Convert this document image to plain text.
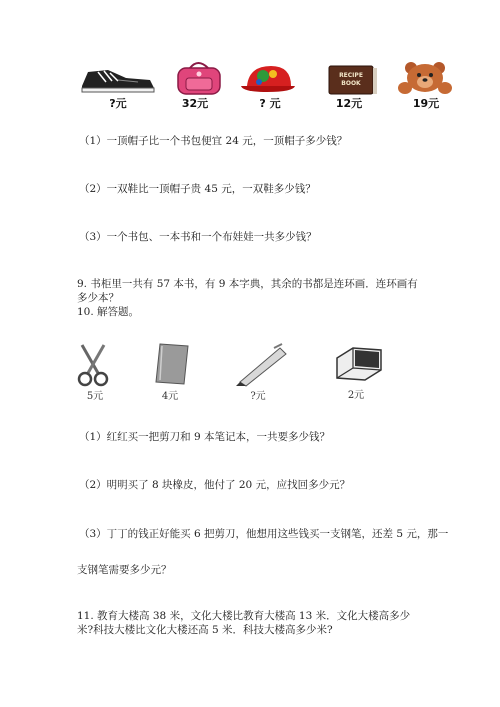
RECIPE
BOOK
?元	32元	? 元	12元	19元
（1）一顶帽子比一个书包便宜 24 元，一顶帽子多少钱？
（2）一双鞋比一顶帽子贵 45 元，一双鞋多少钱？
（3）一个书包、一本书和一个布娃娃一共多少钱？
9. 书柜里一共有 57 本书，有 9 本字典，其余的书都是连环画．连环画有多少本？
10. 解答题。
5元	4元	?元	2元
（1）红红买一把剪刀和 9 本笔记本，一共要多少钱？
（2）明明买了 8 块橡皮，他付了 20 元，应找回多少元？
（3）丁丁的钱正好能买 6 把剪刀，他想用这些钱买一支钢笔，还差 5 元，那一
支钢笔需要多少元？
11. 教育大楼高 38 米，文化大楼比教育大楼高 13 米．文化大楼高多少米?科技大楼比文化大楼还高 5 米．科技大楼高多少米?
